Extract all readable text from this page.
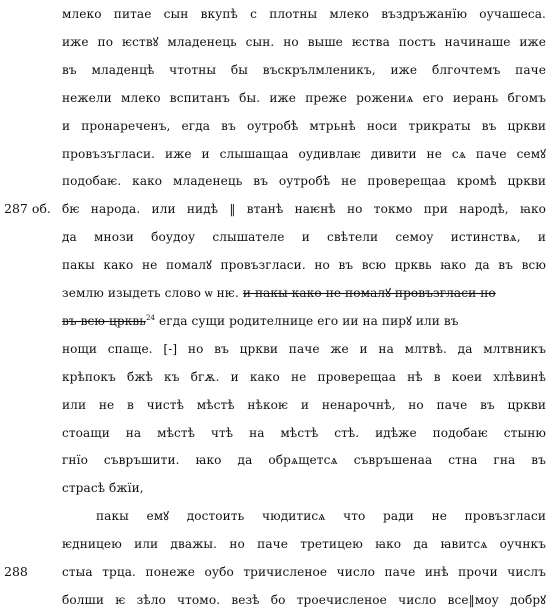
287 об.
288
млеко питае сын вкупѣ с плотны млеко въздръжанїю оучашеса.
иже по ѥствꙋ младенець сын. но выше ѥства постъ начинаше иже
въ младенцѣ чтотны бы въскрълмленикъ, иже блгочтемъ паче
нежели млеко вспитанъ бы. иже преже рожениѧ его иерань бгомъ
и пронареченъ, егда въ оутробѣ мтрьнѣ носи трикраты въ цркви
провъзъгласи. иже и слышащаа оудивлаѥ дивити не сѧ паче семꙋ
подобаѥ. како младенець въ оутробѣ не проверещаа кромѣ цркви
бѥ народа. или нидѣ ‖ втанѣ наѥнѣ но токмо при народѣ, ꙗко
да мнози боудоу слышателе и свѣтели семоу истинствѧ, и
пакы како не помалꙋ провъзгласи. но въ всю црквь ꙗко да въ всю
землю изыдеть слово ѡ нѥ. и пакы како не помалꙋ провъзгласи но
въ всю црквь$^{24}$ егда сущи родителнице его ии на пирꙋ или въ
нощи спаще. [-] но въ цркви паче же и на млтвѣ. да млтвникъ
крѣпокъ бжѣ къ бгѫ. и како не проверещаа нѣ в коеи хлѣвинѣ
или не в чистѣ мѣстѣ нѣкоѥ и ненарочнѣ, но паче въ цркви
стоащи на мѣстѣ чтѣ на мѣстѣ стѣ. идѣже подобаѥ стыню
гнїо съвръшити. ꙗко да обрѧщетсѧ съвръшенаа стна гна въ
страсѣ бжїи,
пакы емꙋ достоить чюдитисѧ что ради не провъзгласи
ѥдницею или дважы. но паче третицею ꙗко да ꙗвитсѧ оучнкъ
стыа трца. понеже оубо тричисленое число паче инѣ прочи числъ
болши ѥ зѣло чтомо. везѣ бо троечисленое число все‖моу добрꙋ
